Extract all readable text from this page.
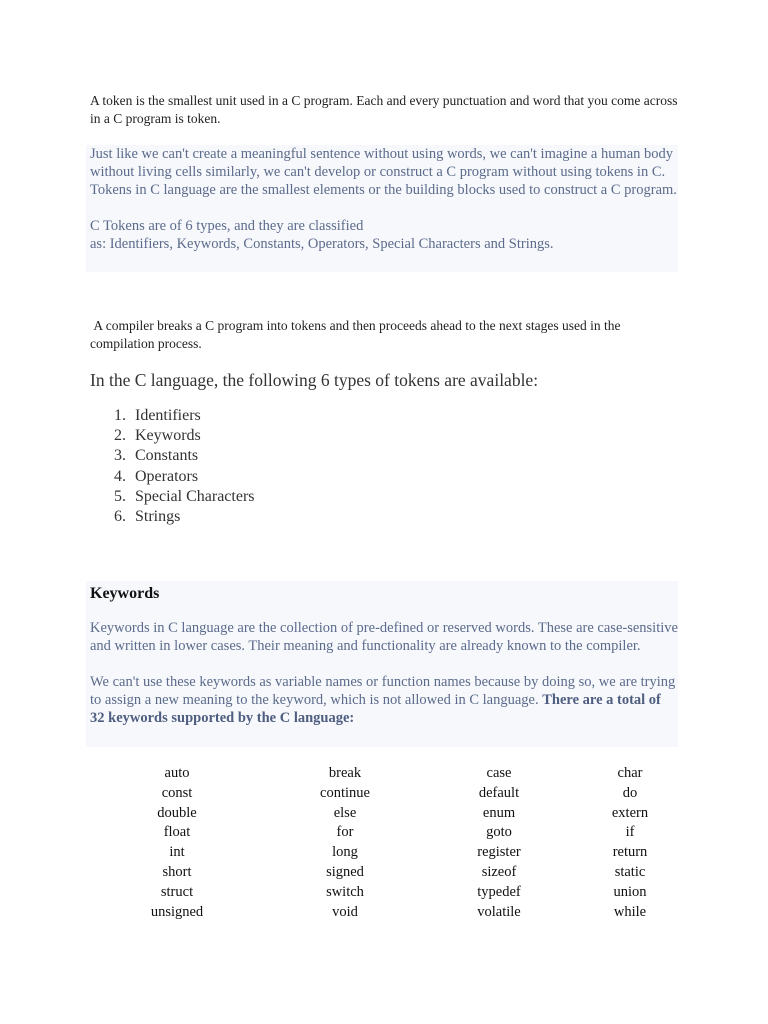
A token is the smallest unit used in a C program. Each and every punctuation and word that you come across in a C program is token.

Just like we can't create a meaningful sentence without using words, we can't imagine a human body without living cells similarly, we can't develop or construct a C program without using tokens in C. Tokens in C language are the smallest elements or the building blocks used to construct a C program.

C Tokens are of 6 types, and they are classified
as: Identifiers, Keywords, Constants, Operators, Special Characters and Strings.

A compiler breaks a C program into tokens and then proceeds ahead to the next stages used in the compilation process.

In the C language, the following 6 types of tokens are available:

1. Identifiers
2. Keywords
3. Constants
4. Operators
5. Special Characters
6. Strings
Keywords

Keywords in C language are the collection of pre-defined or reserved words. These are case-sensitive and written in lower cases. Their meaning and functionality are already known to the compiler.

We can't use these keywords as variable names or function names because by doing so, we are trying to assign a new meaning to the keyword, which is not allowed in C language. There are a total of 32 keywords supported by the C language:

auto	break	case	char
const	continue	default	do
double	else	enum	extern
float	for	goto	if
int	long	register	return
short	signed	sizeof	static
struct	switch	typedef	union
unsigned	void	volatile	while
